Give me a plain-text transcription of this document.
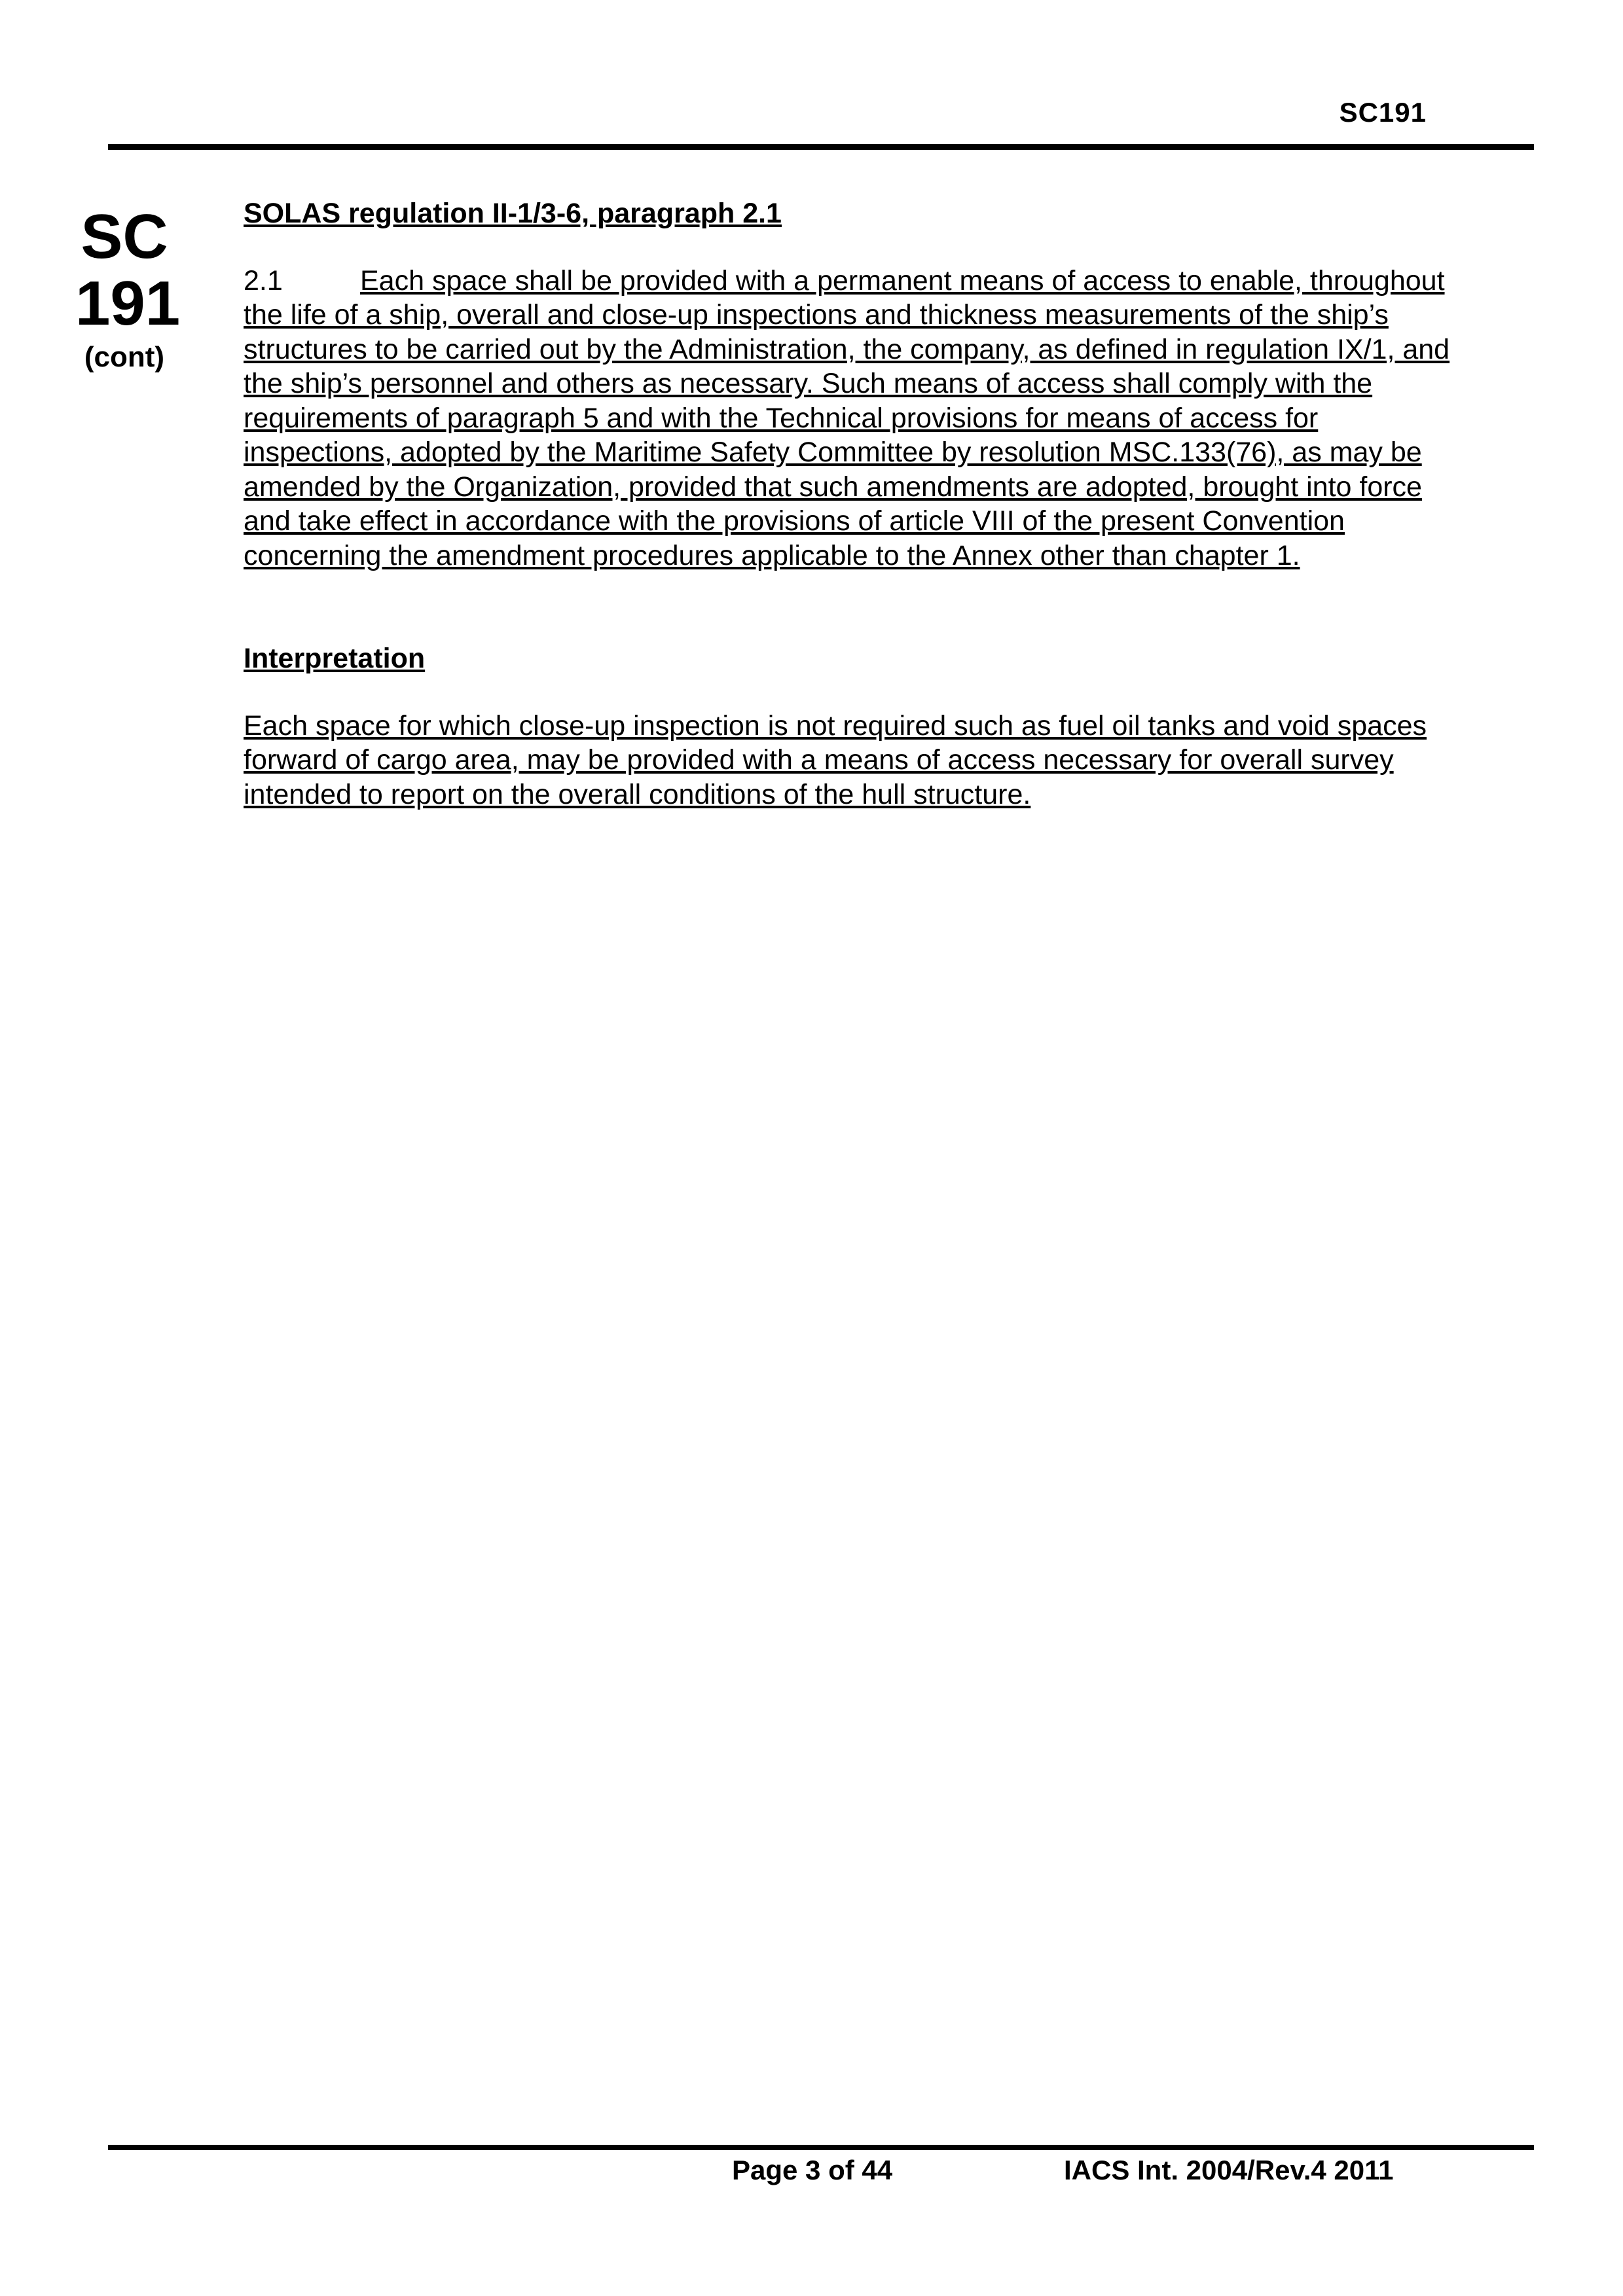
SC191
SC
191
(cont)

SOLAS regulation II-1/3-6, paragraph 2.1

2.1	Each space shall be provided with a permanent means of access to enable, throughout the life of a ship, overall and close-up inspections and thickness measurements of the ship’s structures to be carried out by the Administration, the company, as defined in regulation IX/1, and the ship’s personnel and others as necessary. Such means of access shall comply with the requirements of paragraph 5 and with the Technical provisions for means of access for inspections, adopted by the Maritime Safety Committee by resolution MSC.133(76), as may be amended by the Organization, provided that such amendments are adopted, brought into force and take effect in accordance with the provisions of article VIII of the present Convention concerning the amendment procedures applicable to the Annex other than chapter 1.

Interpretation

Each space for which close-up inspection is not required such as fuel oil tanks and void spaces forward of cargo area, may be provided with a means of access necessary for overall survey intended to report on the overall conditions of the hull structure.

Page 3 of 44	IACS Int. 2004/Rev.4 2011
